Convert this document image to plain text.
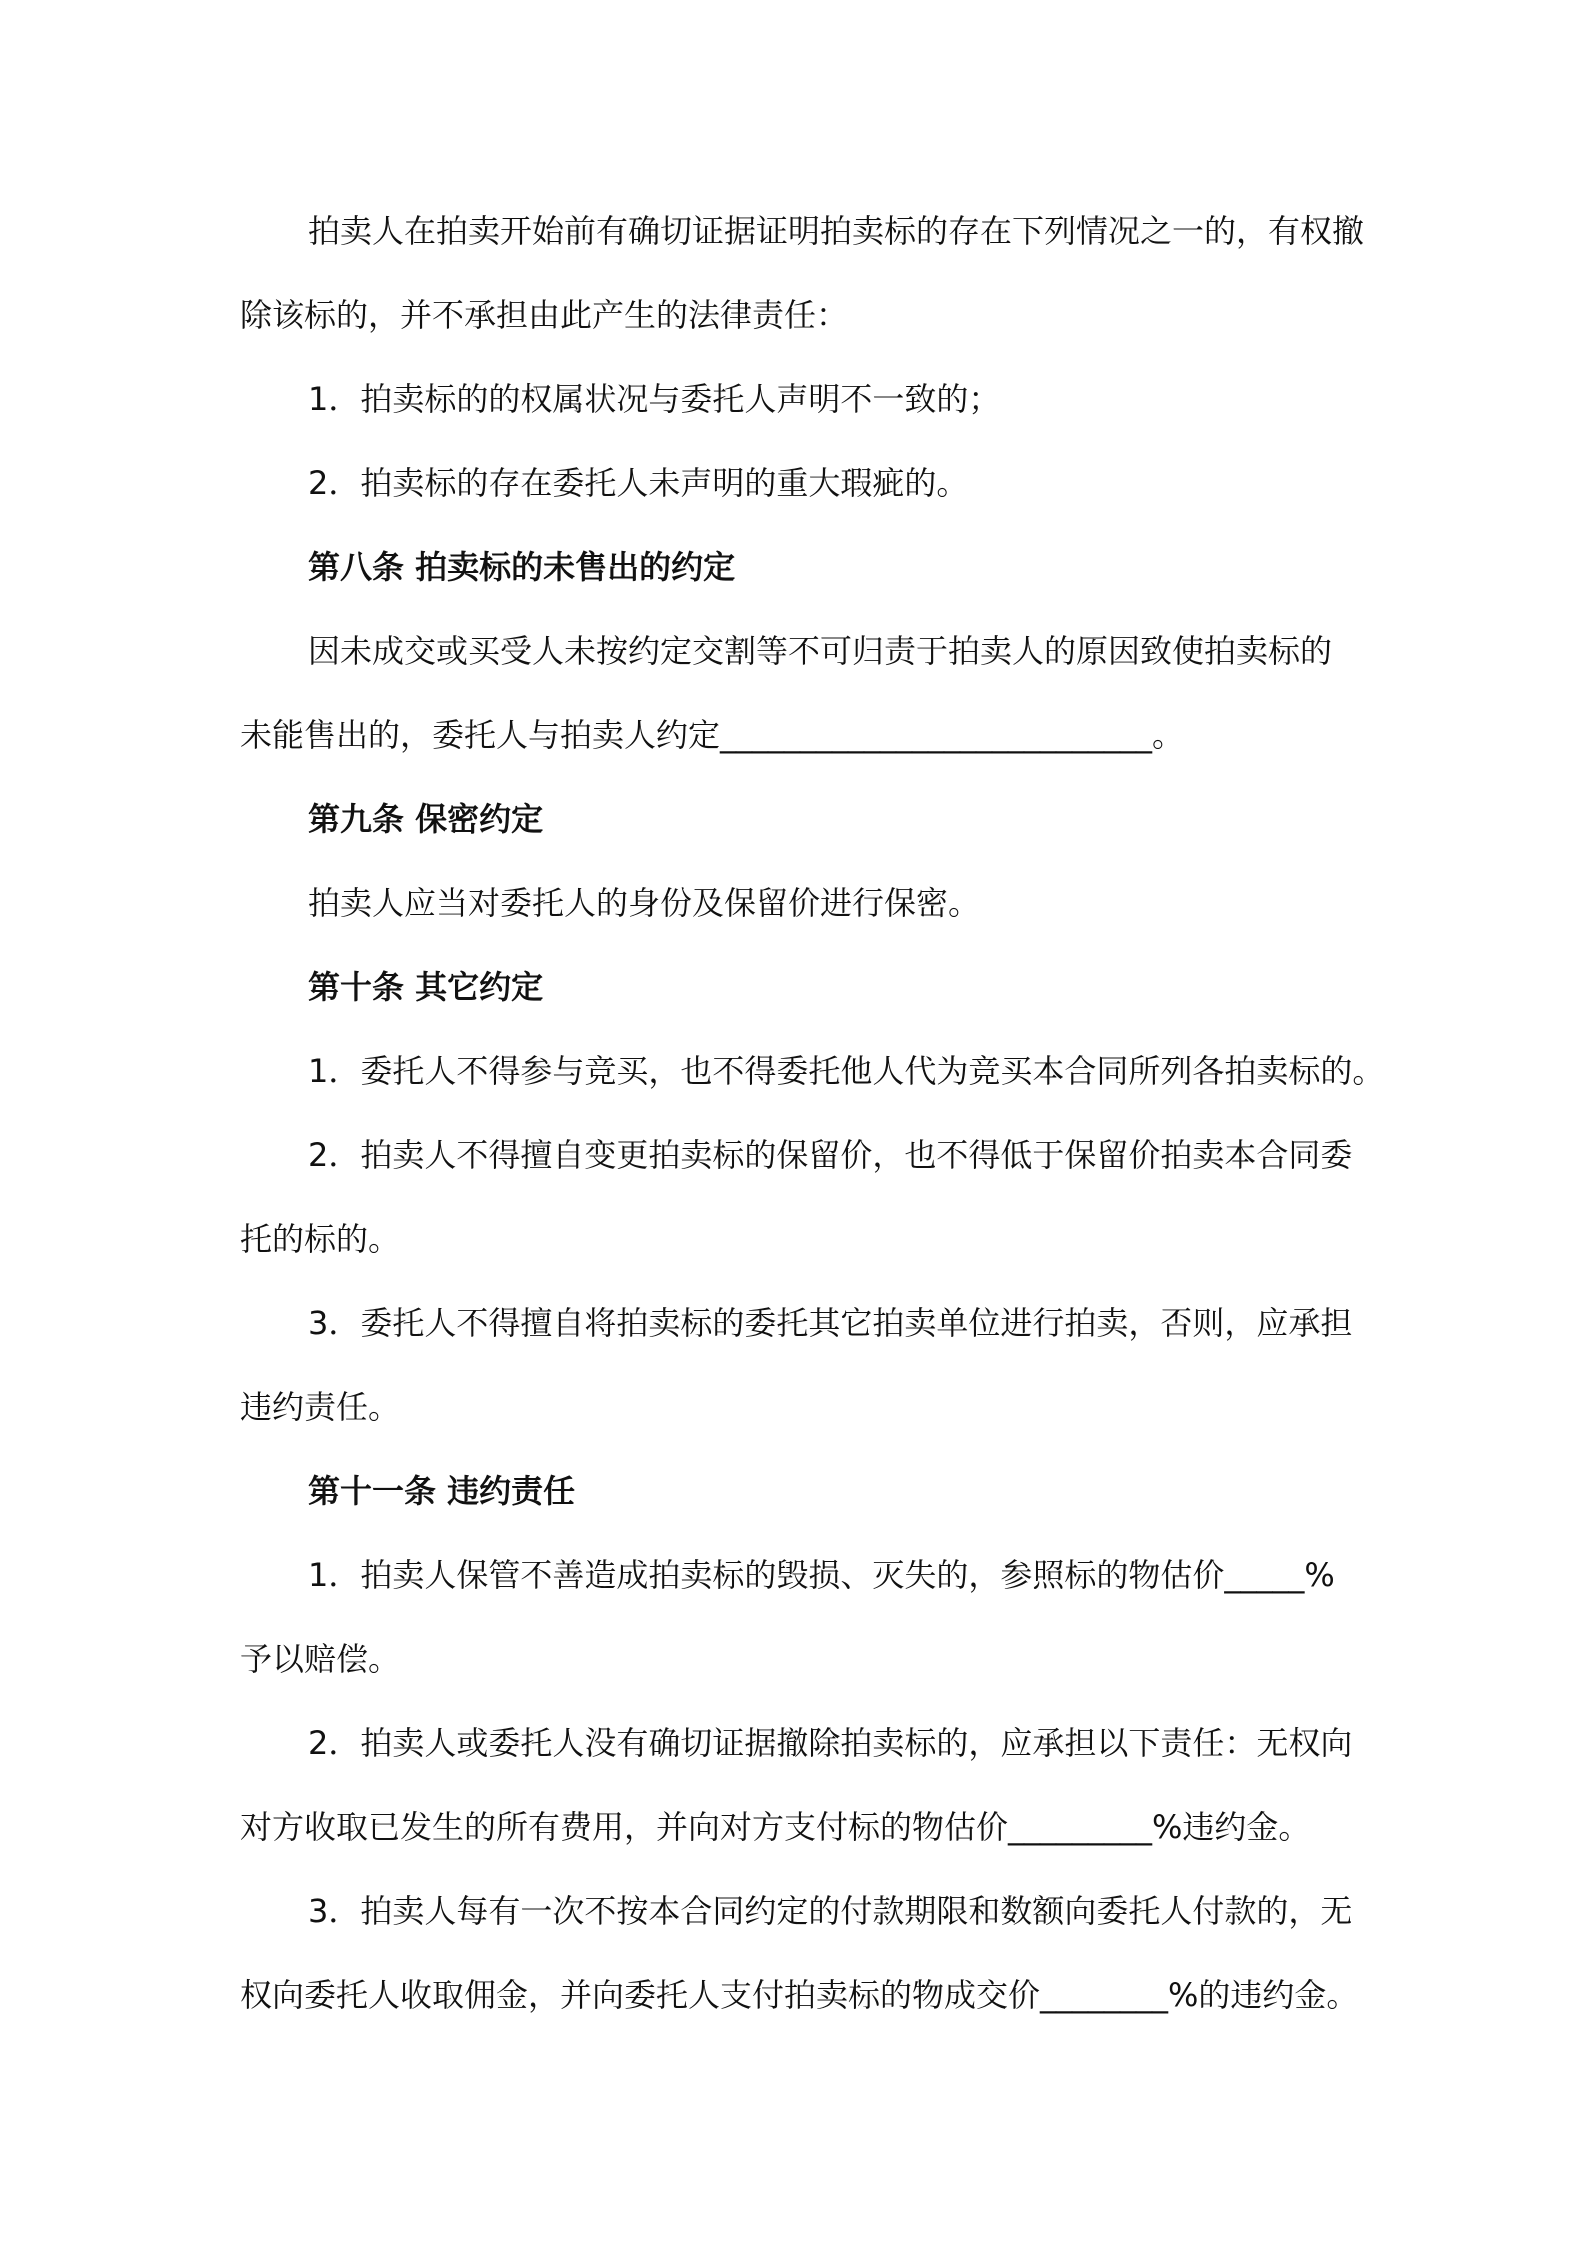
拍卖人在拍卖开始前有确切证据证明拍卖标的存在下列情况之一的，有权撤

除该标的，并不承担由此产生的法律责任：

1．拍卖标的的权属状况与委托人声明不一致的；

2．拍卖标的存在委托人未声明的重大瑕疵的。

第八条 拍卖标的未售出的约定

因未成交或买受人未按约定交割等不可归责于拍卖人的原因致使拍卖标的

未能售出的，委托人与拍卖人约定___________________________。

第九条 保密约定

拍卖人应当对委托人的身份及保留价进行保密。

第十条 其它约定

1．委托人不得参与竞买，也不得委托他人代为竞买本合同所列各拍卖标的。

2．拍卖人不得擅自变更拍卖标的保留价，也不得低于保留价拍卖本合同委

托的标的。

3．委托人不得擅自将拍卖标的委托其它拍卖单位进行拍卖，否则，应承担

违约责任。

第十一条 违约责任

1．拍卖人保管不善造成拍卖标的毁损、灭失的，参照标的物估价_____%

予以赔偿。

2．拍卖人或委托人没有确切证据撤除拍卖标的，应承担以下责任：无权向

对方收取已发生的所有费用，并向对方支付标的物估价_________%违约金。

3．拍卖人每有一次不按本合同约定的付款期限和数额向委托人付款的，无

权向委托人收取佣金，并向委托人支付拍卖标的物成交价________%的违约金。
